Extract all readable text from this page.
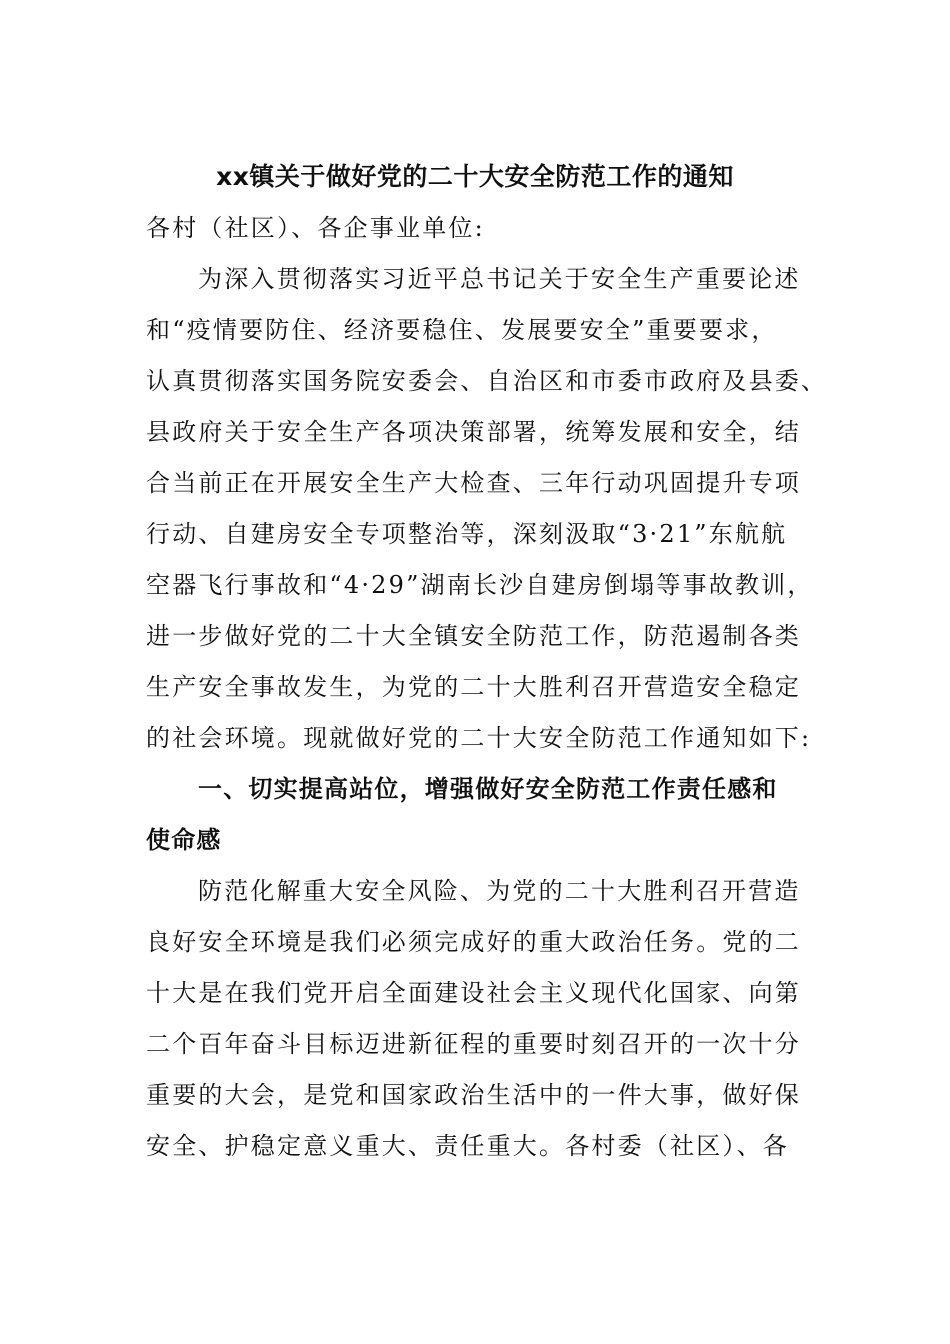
xx镇关于做好党的二十大安全防范工作的通知
各村（社区）、各企事业单位:
为深入贯彻落实习近平总书记关于安全生产重要论述
和“疫情要防住、经济要稳住、发展要安全”重要要求，
认真贯彻落实国务院安委会、自治区和市委市政府及县委、
县政府关于安全生产各项决策部署，统筹发展和安全，结
合当前正在开展安全生产大检查、三年行动巩固提升专项
行动、自建房安全专项整治等，深刻汲取“3·21”东航航
空器飞行事故和“4·29”湖南长沙自建房倒塌等事故教训，
进一步做好党的二十大全镇安全防范工作，防范遏制各类
生产安全事故发生，为党的二十大胜利召开营造安全稳定
的社会环境。现就做好党的二十大安全防范工作通知如下:
一、切实提高站位，增强做好安全防范工作责任感和
使命感
防范化解重大安全风险、为党的二十大胜利召开营造
良好安全环境是我们必须完成好的重大政治任务。党的二
十大是在我们党开启全面建设社会主义现代化国家、向第
二个百年奋斗目标迈进新征程的重要时刻召开的一次十分
重要的大会，是党和国家政治生活中的一件大事，做好保
安全、护稳定意义重大、责任重大。各村委（社区）、各
